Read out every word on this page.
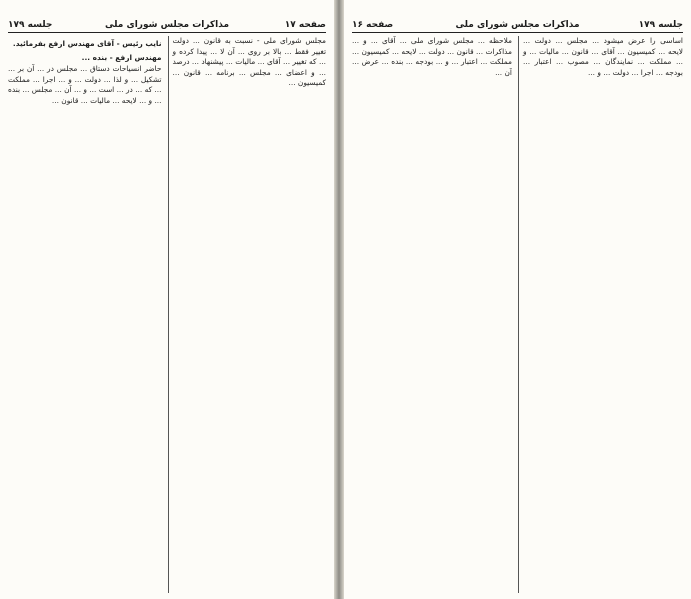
صفحه ۱۷
مذاکرات مجلس شورای ملی
جلسه ۱۷۹

مجلس شورای ملی - نسبت به قانون ... دولت تغییر فقط ... بالا بر روی ... آن لا ... پیدا کرده و ... که تغییر ... آقای ... مالیات ... پیشنهاد ... درصد ... و اعضای ... مجلس ... برنامه ... قانون ... کمیسیون ...

نایب رئیس - آقای مهندس ارفع بفرمائید.
مهندس ارفع - بنده ...

حاضر انسیاحات دستاق ... مجلس در ... آن بر ... تشکیل ... و لذا ... دولت ... و ... اجرا ... مملکت ... که ... در ... است ... و ... آن ... مجلس ... بنده ... و ... لایحه ... مالیات ... قانون ...

صفحه ۱۶	مذاکرات مجلس شورای ملی	جلسه ۱۷۹

اساسی را عرض میشود ... مجلس ... دولت ... لایحه ... کمیسیون ... آقای ... قانون ... مالیات ... و ... مملکت ... نمایندگان ... مصوب ... اعتبار ... بودجه ... اجرا ... دولت ... و ...

ملاحظه ... مجلس شورای ملی ... آقای ... و ... مذاکرات ... قانون ... دولت ... لایحه ... کمیسیون ... مملکت ... اعتبار ... و ... بودجه ... بنده ... عرض ... آن ...
